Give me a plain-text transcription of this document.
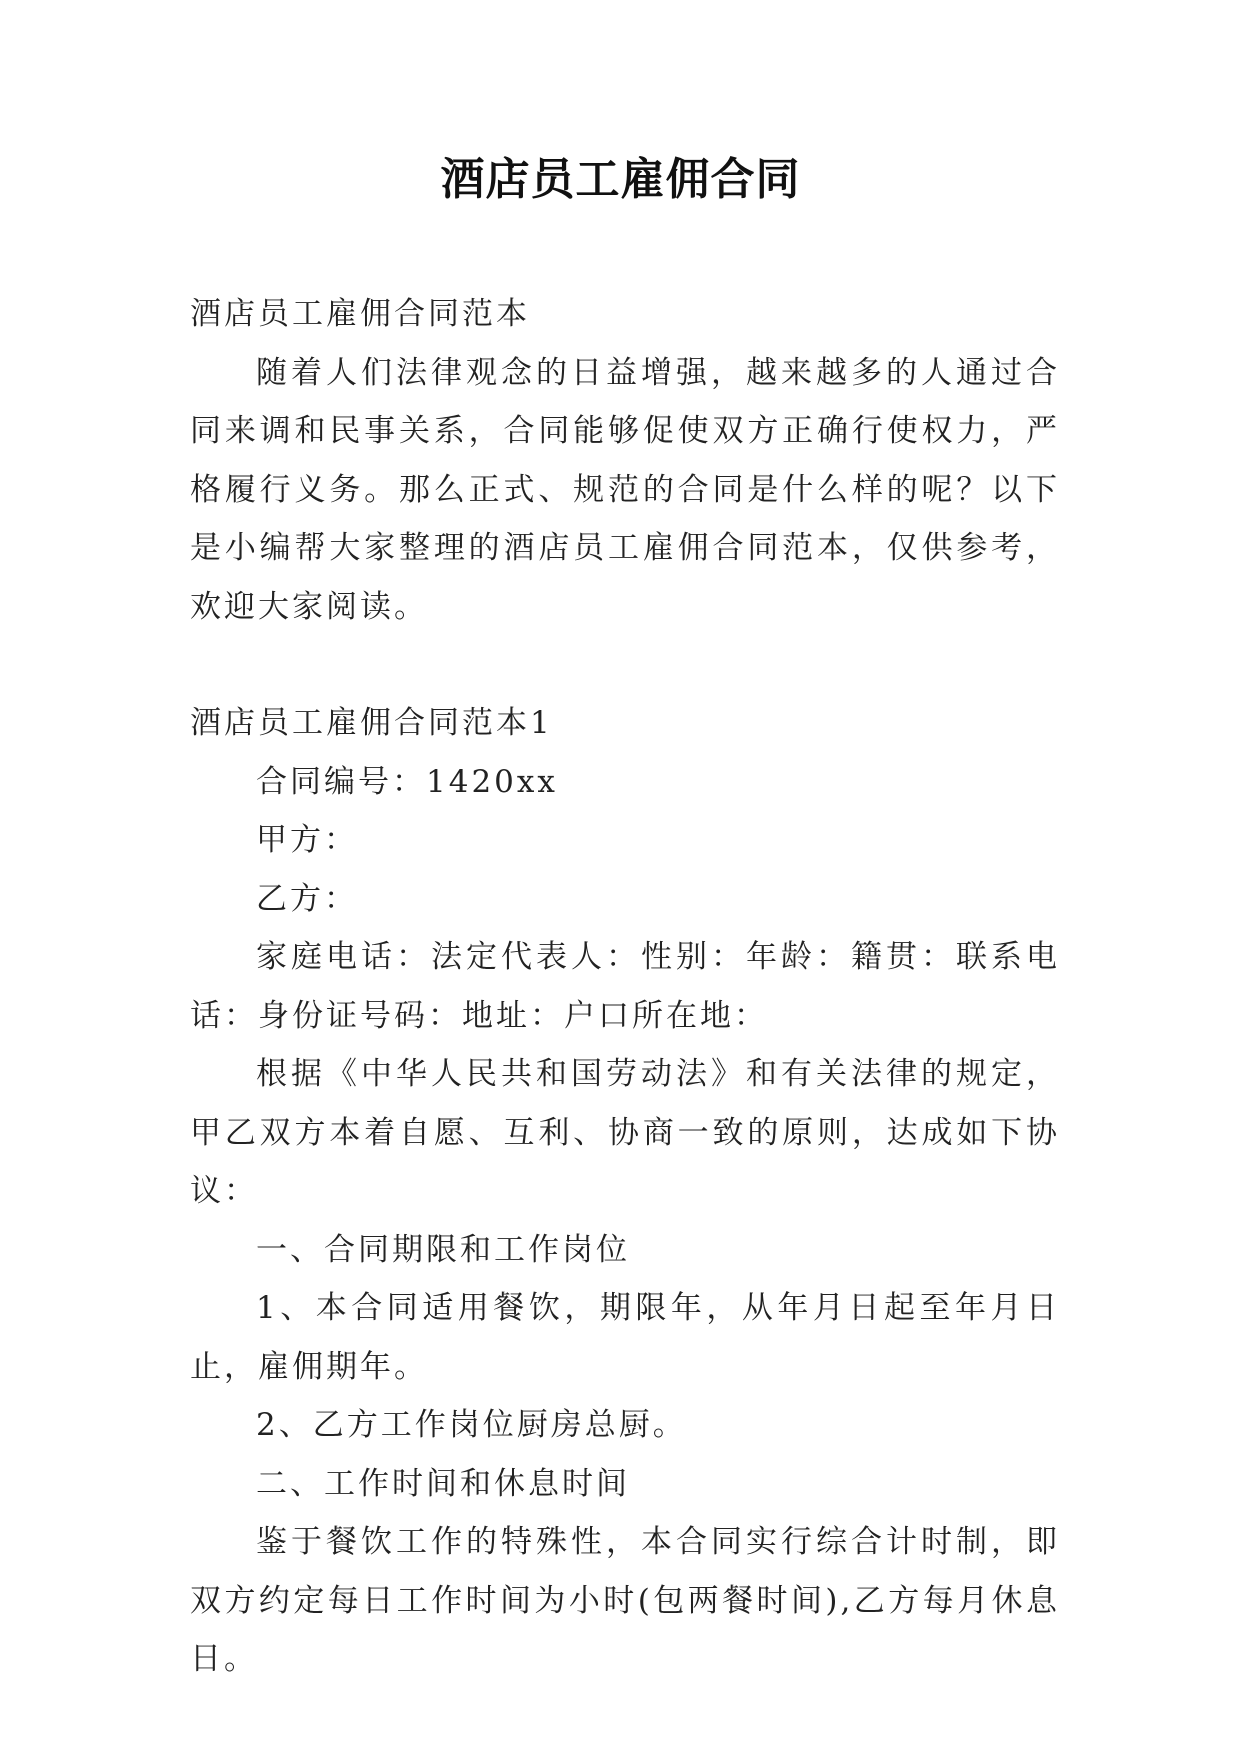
酒店员工雇佣合同

酒店员工雇佣合同范本

随着人们法律观念的日益增强，越来越多的人通过合同来调和民事关系，合同能够促使双方正确行使权力，严格履行义务。那么正式、规范的合同是什么样的呢？以下是小编帮大家整理的酒店员工雇佣合同范本，仅供参考，欢迎大家阅读。

酒店员工雇佣合同范本1

合同编号：1420xx

甲方：

乙方：

家庭电话：法定代表人：性别：年龄：籍贯：联系电话：身份证号码：地址：户口所在地：

根据《中华人民共和国劳动法》和有关法律的规定，甲乙双方本着自愿、互利、协商一致的原则，达成如下协议：

一、合同期限和工作岗位

1、本合同适用餐饮，期限年，从年月日起至年月日止，雇佣期年。

2、乙方工作岗位厨房总厨。

二、工作时间和休息时间

鉴于餐饮工作的特殊性，本合同实行综合计时制，即双方约定每日工作时间为小时(包两餐时间),乙方每月休息日。
